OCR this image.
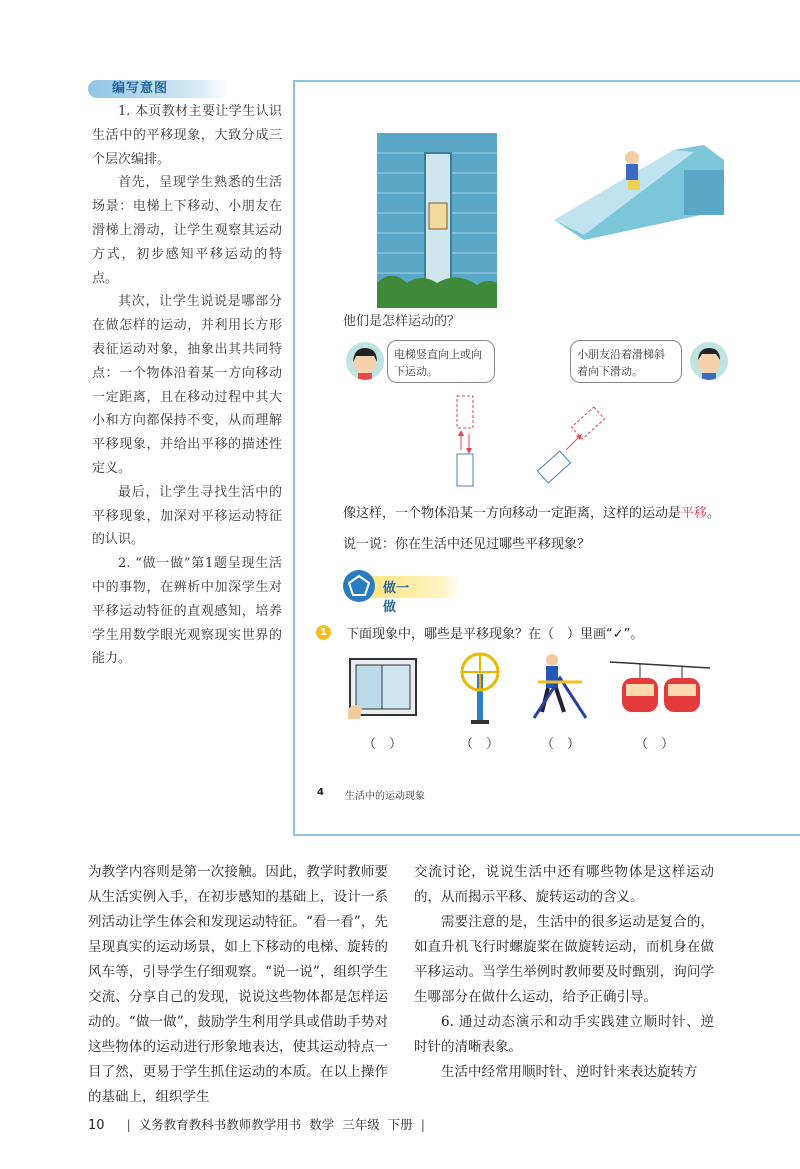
编写意图

1. 本页教材主要让学生认识生活中的平移现象，大致分成三个层次编排。

首先，呈现学生熟悉的生活场景：电梯上下移动、小朋友在滑梯上滑动，让学生观察其运动方式，初步感知平移运动的特点。

其次，让学生说说是哪部分在做怎样的运动，并利用长方形表征运动对象，抽象出其共同特点：一个物体沿着某一方向移动一定距离，且在移动过程中其大小和方向都保持不变，从而理解平移现象，并给出平移的描述性定义。

最后，让学生寻找生活中的平移现象，加深对平移运动特征的认识。

2. “做一做”第1题呈现生活中的事物，在辨析中加深学生对平移运动特征的直观感知，培养学生用数学眼光观察现实世界的能力。

他们是怎样运动的？
电梯竖直向上或向下运动。
小朋友沿着滑梯斜着向下滑动。
像这样，一个物体沿某一方向移动一定距离，这样的运动是平移。
说一说：你在生活中还见过哪些平移现象？
做一做
1	下面现象中，哪些是平移现象？在（　）里画“✓”。
（　）	（　）	（　）	（　）
4 生活中的运动现象

为教学内容则是第一次接触。因此，教学时教师要从生活实例入手，在初步感知的基础上，设计一系列活动让学生体会和发现运动特征。“看一看”，先呈现真实的运动场景，如上下移动的电梯、旋转的风车等，引导学生仔细观察。“说一说”，组织学生交流、分享自己的发现，说说这些物体都是怎样运动的。“做一做”，鼓励学生利用学具或借助手势对这些物体的运动进行形象地表达，使其运动特点一目了然，更易于学生抓住运动的本质。在以上操作的基础上，组织学生

交流讨论，说说生活中还有哪些物体是这样运动的，从而揭示平移、旋转运动的含义。

需要注意的是，生活中的很多运动是复合的，如直升机飞行时螺旋桨在做旋转运动，而机身在做平移运动。当学生举例时教师要及时甄别，询问学生哪部分在做什么运动，给予正确引导。

6. 通过动态演示和动手实践建立顺时针、逆时针的清晰表象。

生活中经常用顺时针、逆时针来表达旋转方

10 | 义务教育教科书教师教学用书 数学 三年级 下册 |
